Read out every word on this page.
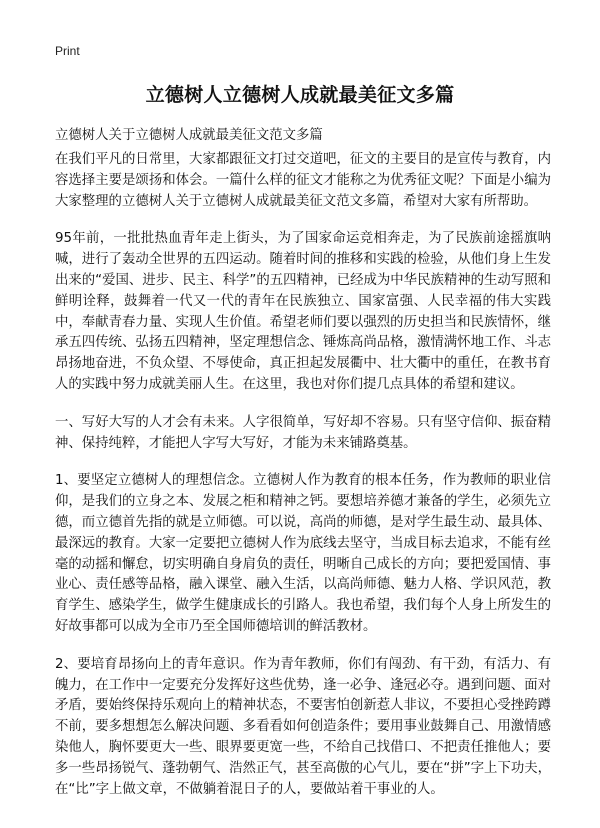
Print
立德树人立德树人成就最美征文多篇

立德树人关于立德树人成就最美征文范文多篇

在我们平凡的日常里，大家都跟征文打过交道吧，征文的主要目的是宣传与教育，内容选择主要是颂扬和体会。一篇什么样的征文才能称之为优秀征文呢？下面是小编为大家整理的立德树人关于立德树人成就最美征文范文多篇，希望对大家有所帮助。

95年前，一批批热血青年走上街头，为了国家命运竞相奔走，为了民族前途摇旗呐喊，进行了轰动全世界的五四运动。随着时间的推移和实践的检验，从他们身上生发出来的“爱国、进步、民主、科学”的五四精神，已经成为中华民族精神的生动写照和鲜明诠释，鼓舞着一代又一代的青年在民族独立、国家富强、人民幸福的伟大实践中，奉献青春力量、实现人生价值。希望老师们要以强烈的历史担当和民族情怀，继承五四传统、弘扬五四精神，坚定理想信念、锤炼高尚品格，激情满怀地工作、斗志昂扬地奋进，不负众望、不辱使命，真正担起发展衢中、壮大衢中的重任，在教书育人的实践中努力成就美丽人生。在这里，我也对你们提几点具体的希望和建议。

一、写好大写的人才会有未来。人字很简单，写好却不容易。只有坚守信仰、振奋精神、保持纯粹，才能把人字写大写好，才能为未来铺路奠基。

1、要坚定立德树人的理想信念。立德树人作为教育的根本任务，作为教师的职业信仰，是我们的立身之本、发展之柜和精神之钙。要想培养德才兼备的学生，必须先立德，而立德首先指的就是立师德。可以说，高尚的师德，是对学生最生动、最具体、最深远的教育。大家一定要把立德树人作为底线去坚守，当成目标去追求，不能有丝毫的动摇和懈怠，切实明确自身肩负的责任，明晰自己成长的方向；要把爱国情、事业心、责任感等品格，融入课堂、融入生活，以高尚师德、魅力人格、学识风范，教育学生、感染学生，做学生健康成长的引路人。我也希望，我们每个人身上所发生的好故事都可以成为全市乃至全国师德培训的鲜活教材。

2、要培育昂扬向上的青年意识。作为青年教师，你们有闯劲、有干劲，有活力、有魄力，在工作中一定要充分发挥好这些优势，逢一必争、逢冠必夺。遇到问题、面对矛盾，要始终保持乐观向上的精神状态，不要害怕创新惹人非议，不要担心受挫跨蹲不前，要多想想怎么解决问题、多看看如何创造条件；要用事业鼓舞自己、用激情感染他人，胸怀要更大一些、眼界要更宽一些，不给自己找借口、不把责任推他人；要多一些昂扬锐气、蓬勃朝气、浩然正气，甚至高傲的心气儿，要在“拼”字上下功夫，在“比”字上做文章，不做躺着混日子的人，要做站着干事业的人。
